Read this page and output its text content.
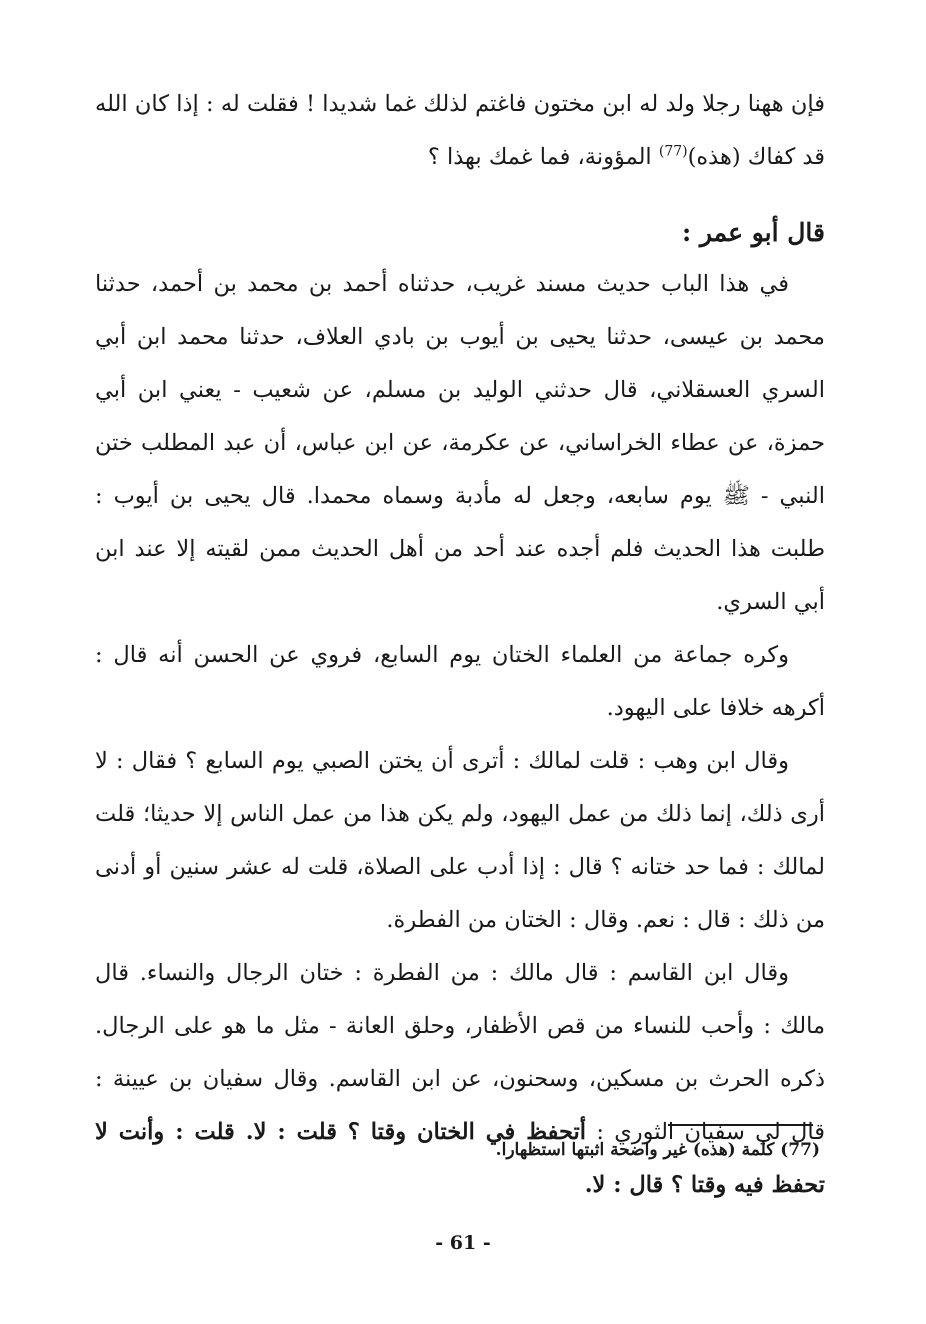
فإن ههنا رجلا ولد له ابن مختون فاغتم لذلك غما شديدا ! فقلت له : إذا كان الله قد كفاك (هذه)$^{(77)}$ المؤونة، فما غمك بهذا ؟

قال أبو عمر :

في هذا الباب حديث مسند غريب، حدثناه أحمد بن محمد بن أحمد، حدثنا محمد بن عيسى، حدثنا يحيى بن أيوب بن بادي العلاف، حدثنا محمد ابن أبي السري العسقلاني، قال حدثني الوليد بن مسلم، عن شعيب - يعني ابن أبي حمزة، عن عطاء الخراساني، عن عكرمة، عن ابن عباس، أن عبد المطلب ختن النبي - ﷺ يوم سابعه، وجعل له مأدبة وسماه محمدا. قال يحيى بن أيوب : طلبت هذا الحديث فلم أجده عند أحد من أهل الحديث ممن لقيته إلا عند ابن أبي السري.

وكره جماعة من العلماء الختان يوم السابع، فروي عن الحسن أنه قال : أكرهه خلافا على اليهود.

وقال ابن وهب : قلت لمالك : أترى أن يختن الصبي يوم السابع ؟ فقال : لا أرى ذلك، إنما ذلك من عمل اليهود، ولم يكن هذا من عمل الناس إلا حديثا؛ قلت لمالك : فما حد ختانه ؟ قال : إذا أدب على الصلاة، قلت له عشر سنين أو أدنى من ذلك : قال : نعم. وقال : الختان من الفطرة.

وقال ابن القاسم : قال مالك : من الفطرة : ختان الرجال والنساء. قال مالك : وأحب للنساء من قص الأظفار، وحلق العانة - مثل ما هو على الرجال. ذكره الحرث بن مسكين، وسحنون، عن ابن القاسم. وقال سفيان بن عيينة : قال لي سفيان الثوري : أتحفظ في الختان وقتا ؟ قلت : لا. قلت : وأنت لا تحفظ فيه وقتا ؟ قال : لا.

(77) كلمة (هذه) غير واضحة اثبتها استظهارا.
- 61 -
